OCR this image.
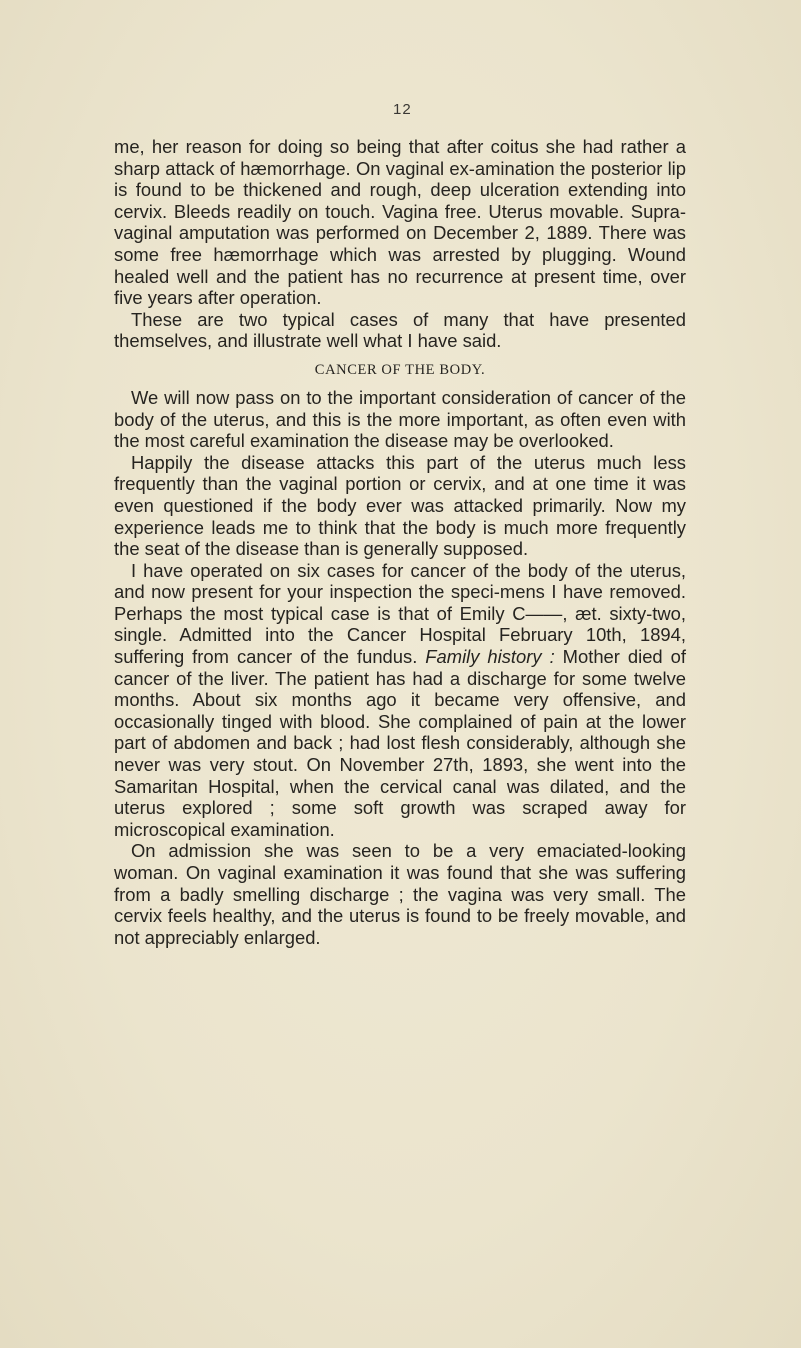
12

me, her reason for doing so being that after coitus she had rather a sharp attack of hæmorrhage. On vaginal ex-amination the posterior lip is found to be thickened and rough, deep ulceration extending into cervix. Bleeds readily on touch. Vagina free. Uterus movable. Supra-vaginal amputation was performed on December 2, 1889. There was some free hæmorrhage which was arrested by plugging. Wound healed well and the patient has no recurrence at present time, over five years after operation.

These are two typical cases of many that have presented themselves, and illustrate well what I have said.

CANCER OF THE BODY.

We will now pass on to the important consideration of cancer of the body of the uterus, and this is the more important, as often even with the most careful examination the disease may be overlooked.

Happily the disease attacks this part of the uterus much less frequently than the vaginal portion or cervix, and at one time it was even questioned if the body ever was attacked primarily. Now my experience leads me to think that the body is much more frequently the seat of the disease than is generally supposed.

I have operated on six cases for cancer of the body of the uterus, and now present for your inspection the speci-mens I have removed. Perhaps the most typical case is that of Emily C——, æt. sixty-two, single. Admitted into the Cancer Hospital February 10th, 1894, suffering from cancer of the fundus. Family history : Mother died of cancer of the liver. The patient has had a discharge for some twelve months. About six months ago it became very offensive, and occasionally tinged with blood. She complained of pain at the lower part of abdomen and back ; had lost flesh considerably, although she never was very stout. On November 27th, 1893, she went into the Samaritan Hospital, when the cervical canal was dilated, and the uterus explored ; some soft growth was scraped away for microscopical examination.

On admission she was seen to be a very emaciated-looking woman. On vaginal examination it was found that she was suffering from a badly smelling discharge ; the vagina was very small. The cervix feels healthy, and the uterus is found to be freely movable, and not appreciably enlarged.
